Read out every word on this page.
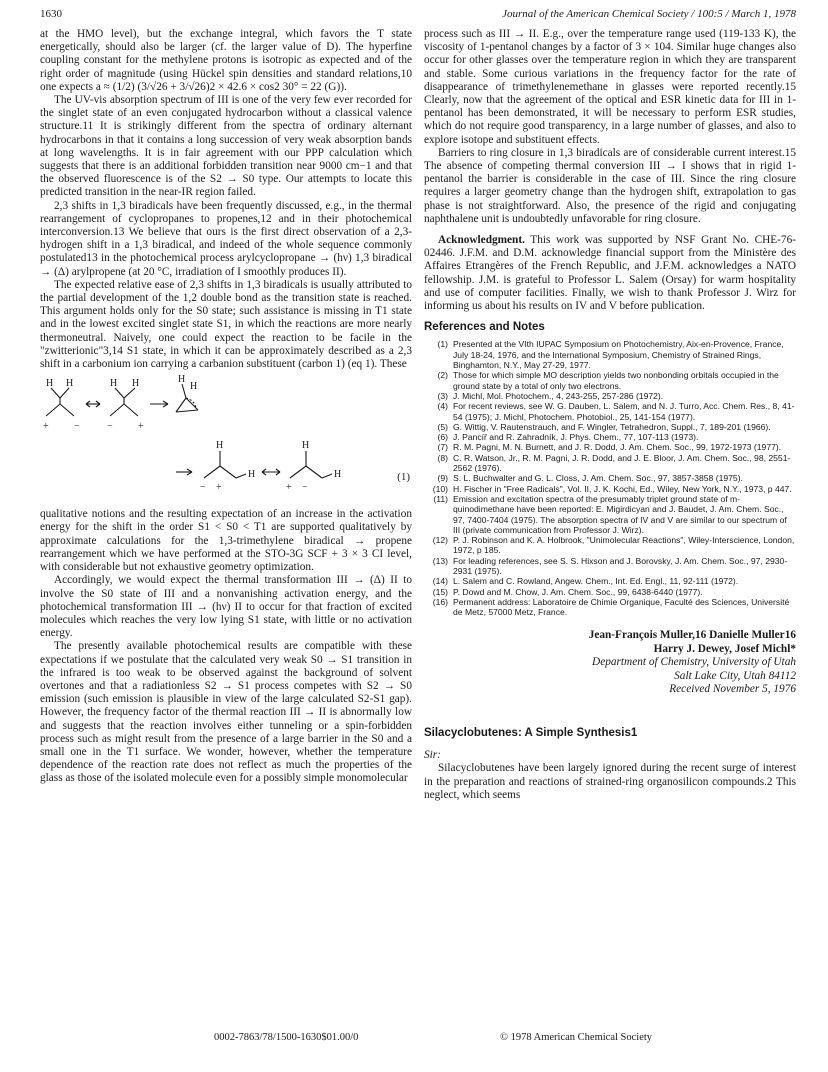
1630	Journal of the American Chemical Society / 100:5 / March 1, 1978

at the HMO level), but the exchange integral, which favors the T state energetically, should also be larger (cf. the larger value of D). The hyperfine coupling constant for the methylene protons is isotropic as expected and of the right order of magnitude (using Hückel spin densities and standard relations,10 one expects a ≈ (1/2) (3/√26 + 3/√26)2 × 42.6 × cos2 30° = 22 (G)).

The UV-vis absorption spectrum of III is one of the very few ever recorded for the singlet state of an even conjugated hydrocarbon without a classical valence structure.11 It is strikingly different from the spectra of ordinary alternant hydrocarbons in that it contains a long succession of very weak absorption bands at long wavelengths. It is in fair agreement with our PPP calculation which suggests that there is an additional forbidden transition near 9000 cm−1 and that the observed fluorescence is of the S2 → S0 type. Our attempts to locate this predicted transition in the near-IR region failed.

2,3 shifts in 1,3 biradicals have been frequently discussed, e.g., in the thermal rearrangement of cyclopropanes to propenes,12 and in their photochemical interconversion.13 We believe that ours is the first direct observation of a 2,3-hydrogen shift in a 1,3 biradical, and indeed of the whole sequence commonly postulated13 in the photochemical process arylcyclopropane → (hν) 1,3 biradical → (Δ) arylpropene (at 20 °C, irradiation of I smoothly produces II).

The expected relative ease of 2,3 shifts in 1,3 biradicals is usually attributed to the partial development of the 1,2 double bond as the transition state is reached. This argument holds only for the S0 state; such assistance is missing in T1 state and in the lowest excited singlet state S1, in which the reactions are more nearly thermoneutral. Naively, one could expect the reaction to be facile in the "zwitterionic"3,14 S1 state, in which it can be approximately described as a 2,3 shift in a carbonium ion carrying a carbanion substituent (carbon 1) (eq 1). These

H H
+	−
H H
−	+
H
H
H
H
+
−
H
H
+ −
(1)

qualitative notions and the resulting expectation of an increase in the activation energy for the shift in the order S1 < S0 < T1 are supported qualitatively by approximate calculations for the 1,3-trimethylene biradical → propene rearrangement which we have performed at the STO-3G SCF + 3 × 3 CI level, with considerable but not exhaustive geometry optimization.

Accordingly, we would expect the thermal transformation III → (Δ) II to involve the S0 state of III and a nonvanishing activation energy, and the photochemical transformation III → (hν) II to occur for that fraction of excited molecules which reaches the very low lying S1 state, with little or no activation energy.

The presently available photochemical results are compatible with these expectations if we postulate that the calculated very weak S0 → S1 transition in the infrared is too weak to be observed against the background of solvent overtones and that a radiationless S2 → S1 process competes with S2 → S0 emission (such emission is plausible in view of the large calculated S2-S1 gap). However, the frequency factor of the thermal reaction III → II is abnormally low and suggests that the reaction involves either tunneling or a spin-forbidden process such as might result from the presence of a large barrier in the S0 and a small one in the T1 surface. We wonder, however, whether the temperature dependence of the reaction rate does not reflect as much the properties of the glass as those of the isolated molecule even for a possibly simple monomolecular

process such as III → II. E.g., over the temperature range used (119-133 K), the viscosity of 1-pentanol changes by a factor of 3 × 104. Similar huge changes also occur for other glasses over the temperature region in which they are transparent and stable. Some curious variations in the frequency factor for the rate of disappearance of trimethylenemethane in glasses were reported recently.15 Clearly, now that the agreement of the optical and ESR kinetic data for III in 1-pentanol has been demonstrated, it will be necessary to perform ESR studies, which do not require good transparency, in a large number of glasses, and also to explore isotope and substituent effects.

Barriers to ring closure in 1,3 biradicals are of considerable current interest.15 The absence of competing thermal conversion III → I shows that in rigid 1-pentanol the barrier is considerable in the case of III. Since the ring closure requires a larger geometry change than the hydrogen shift, extrapolation to gas phase is not straightforward. Also, the presence of the rigid and conjugating naphthalene unit is undoubtedly unfavorable for ring closure.

Acknowledgment. This work was supported by NSF Grant No. CHE-76-02446. J.F.M. and D.M. acknowledge financial support from the Ministère des Affaires Etrangères of the French Republic, and J.F.M. acknowledges a NATO fellowship. J.M. is grateful to Professor L. Salem (Orsay) for warm hospitality and use of computer facilities. Finally, we wish to thank Professor J. Wirz for informing us about his results on IV and V before publication.

References and Notes
(1) Presented at the VIth IUPAC Symposium on Photochemistry, Aix-en-Provence, France, July 18-24, 1976, and the International Symposium, Chemistry of Strained Rings, Binghamton, N.Y., May 27-29, 1977.
(2) Those for which simple MO description yields two nonbonding orbitals occupied in the ground state by a total of only two electrons.
(3) J. Michl, Mol. Photochem., 4, 243-255, 257-286 (1972).
(4) For recent reviews, see W. G. Dauben, L. Salem, and N. J. Turro, Acc. Chem. Res., 8, 41-54 (1975); J. Michl, Photochem. Photobiol., 25, 141-154 (1977).
(5) G. Wittig, V. Rautenstrauch, and F. Wingler, Tetrahedron, Suppl., 7, 189-201 (1966).
(6) J. Pancíř and R. Zahradník, J. Phys. Chem., 77, 107-113 (1973).
(7) R. M. Pagni, M. N. Burnett, and J. R. Dodd, J. Am. Chem. Soc., 99, 1972-1973 (1977).
(8) C. R. Watson, Jr., R. M. Pagni, J. R. Dodd, and J. E. Bloor, J. Am. Chem. Soc., 98, 2551-2562 (1976).
(9) S. L. Buchwalter and G. L. Closs, J. Am. Chem. Soc., 97, 3857-3858 (1975).
(10) H. Fischer in "Free Radicals", Vol. II, J. K. Kochi, Ed., Wiley, New York, N.Y., 1973, p 447.
(11) Emission and excitation spectra of the presumably triplet ground state of m-quinodimethane have been reported: E. Migirdicyan and J. Baudet, J. Am. Chem. Soc., 97, 7400-7404 (1975). The absorption spectra of IV and V are similar to our spectrum of III (private communication from Professor J. Wirz).
(12) P. J. Robinson and K. A. Holbrook, "Unimolecular Reactions", Wiley-Interscience, London, 1972, p 185.
(13) For leading references, see S. S. Hixson and J. Borovsky, J. Am. Chem. Soc., 97, 2930-2931 (1975).
(14) L. Salem and C. Rowland, Angew. Chem., Int. Ed. Engl., 11, 92-111 (1972).
(15) P. Dowd and M. Chow, J. Am. Chem. Soc., 99, 6438-6440 (1977).
(16) Permanent address: Laboratoire de Chimie Organique, Faculté des Sciences, Université de Metz, 57000 Metz, France.
Jean-François Muller,16 Danielle Muller16
Harry J. Dewey, Josef Michl*
Department of Chemistry, University of Utah
Salt Lake City, Utah 84112
Received November 5, 1976
Silacyclobutenes: A Simple Synthesis1
Sir:

Silacyclobutenes have been largely ignored during the recent surge of interest in the preparation and reactions of strained-ring organosilicon compounds.2 This neglect, which seems

0002-7863/78/1500-1630$01.00/0	© 1978 American Chemical Society
